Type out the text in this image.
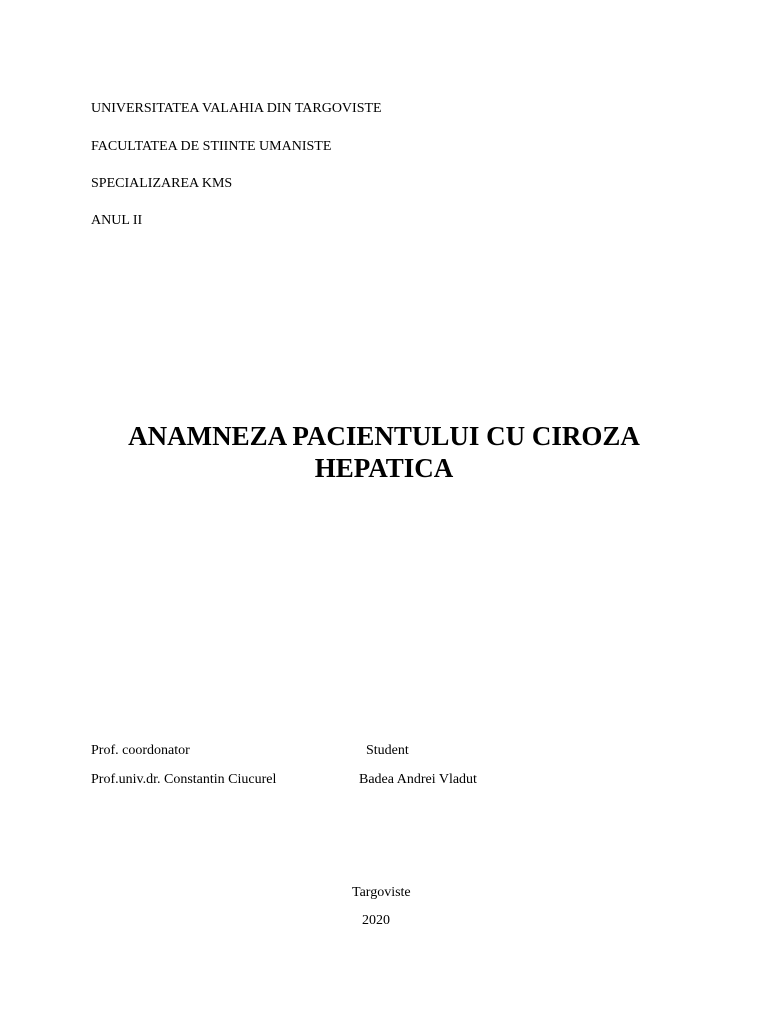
UNIVERSITATEA VALAHIA DIN TARGOVISTE
FACULTATEA DE STIINTE UMANISTE
SPECIALIZAREA KMS
ANUL II
ANAMNEZA PACIENTULUI CU CIROZA
HEPATICA
Prof. coordonator	Student
Prof.univ.dr. Constantin Ciucurel	Badea Andrei Vladut
Targoviste
2020
